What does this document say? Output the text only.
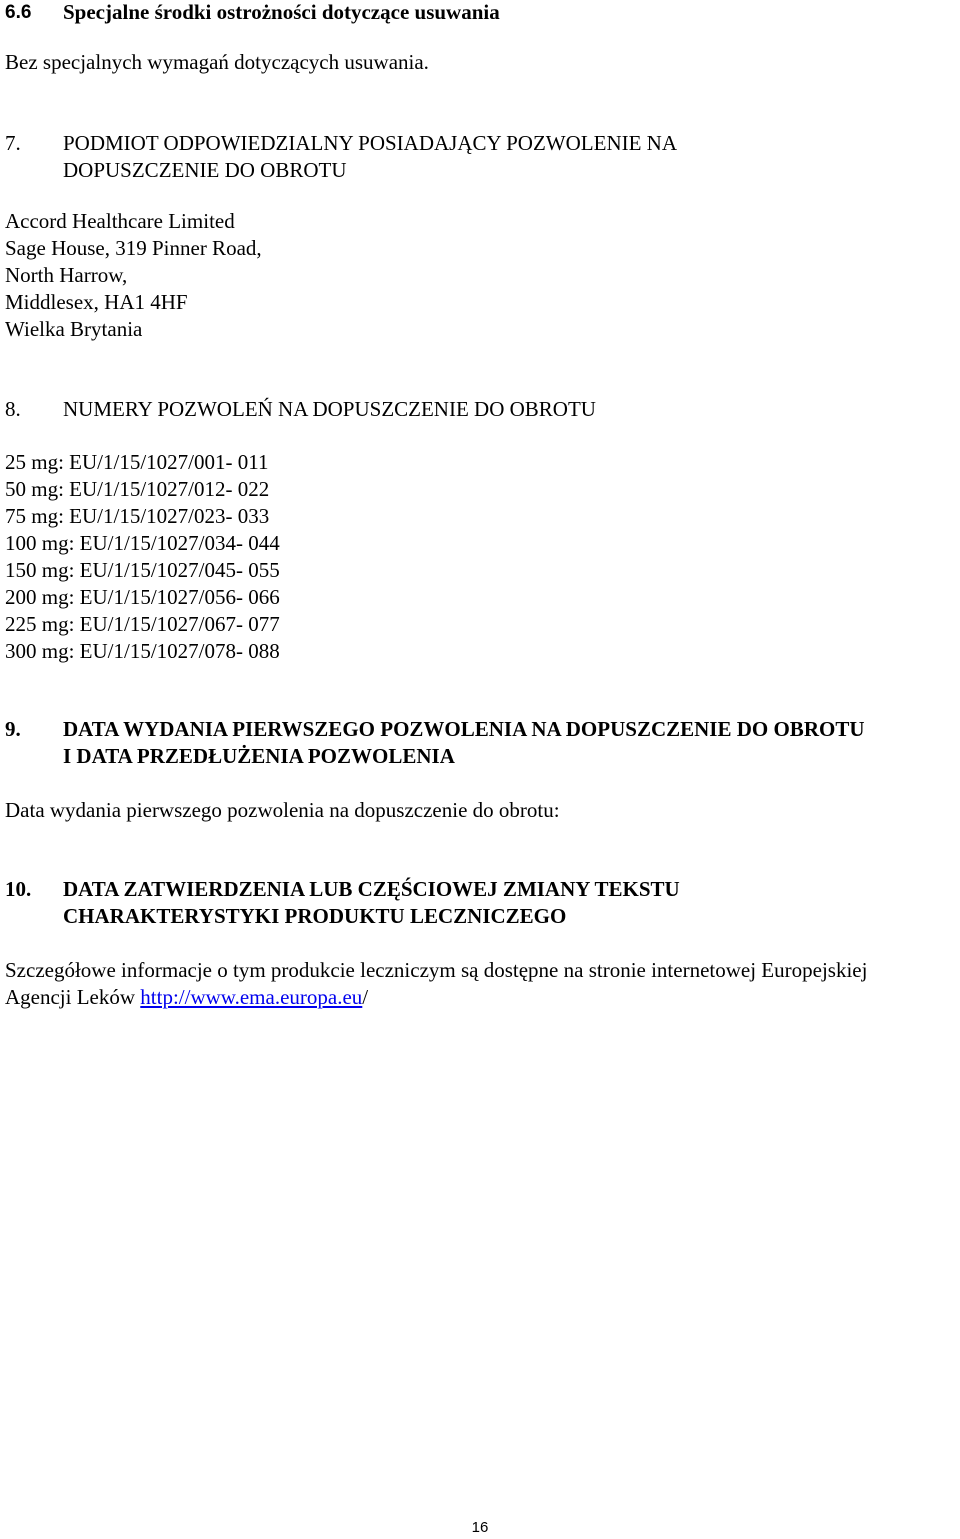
6.6 Specjalne środki ostrożności dotyczące usuwania

Bez specjalnych wymagań dotyczących usuwania.

7. PODMIOT ODPOWIEDZIALNY POSIADAJĄCY POZWOLENIE NA
DOPUSZCZENIE DO OBROTU
Accord Healthcare Limited
Sage House, 319 Pinner Road,
North Harrow,
Middlesex, HA1 4HF
Wielka Brytania
8. NUMERY POZWOLEŃ NA DOPUSZCZENIE DO OBROTU
25 mg: EU/1/15/1027/001- 011
50 mg: EU/1/15/1027/012- 022
75 mg: EU/1/15/1027/023- 033
100 mg: EU/1/15/1027/034- 044
150 mg: EU/1/15/1027/045- 055
200 mg: EU/1/15/1027/056- 066
225 mg: EU/1/15/1027/067- 077
300 mg: EU/1/15/1027/078- 088
9. DATA WYDANIA PIERWSZEGO POZWOLENIA NA DOPUSZCZENIE DO OBROTU
I DATA PRZEDŁUŻENIA POZWOLENIA

Data wydania pierwszego pozwolenia na dopuszczenie do obrotu:

10. DATA ZATWIERDZENIA LUB CZĘŚCIOWEJ ZMIANY TEKSTU
CHARAKTERYSTYKI PRODUKTU LECZNICZEGO

Szczegółowe informacje o tym produkcie leczniczym są dostępne na stronie internetowej Europejskiej

Agencji Leków http://www.ema.europa.eu/

16
